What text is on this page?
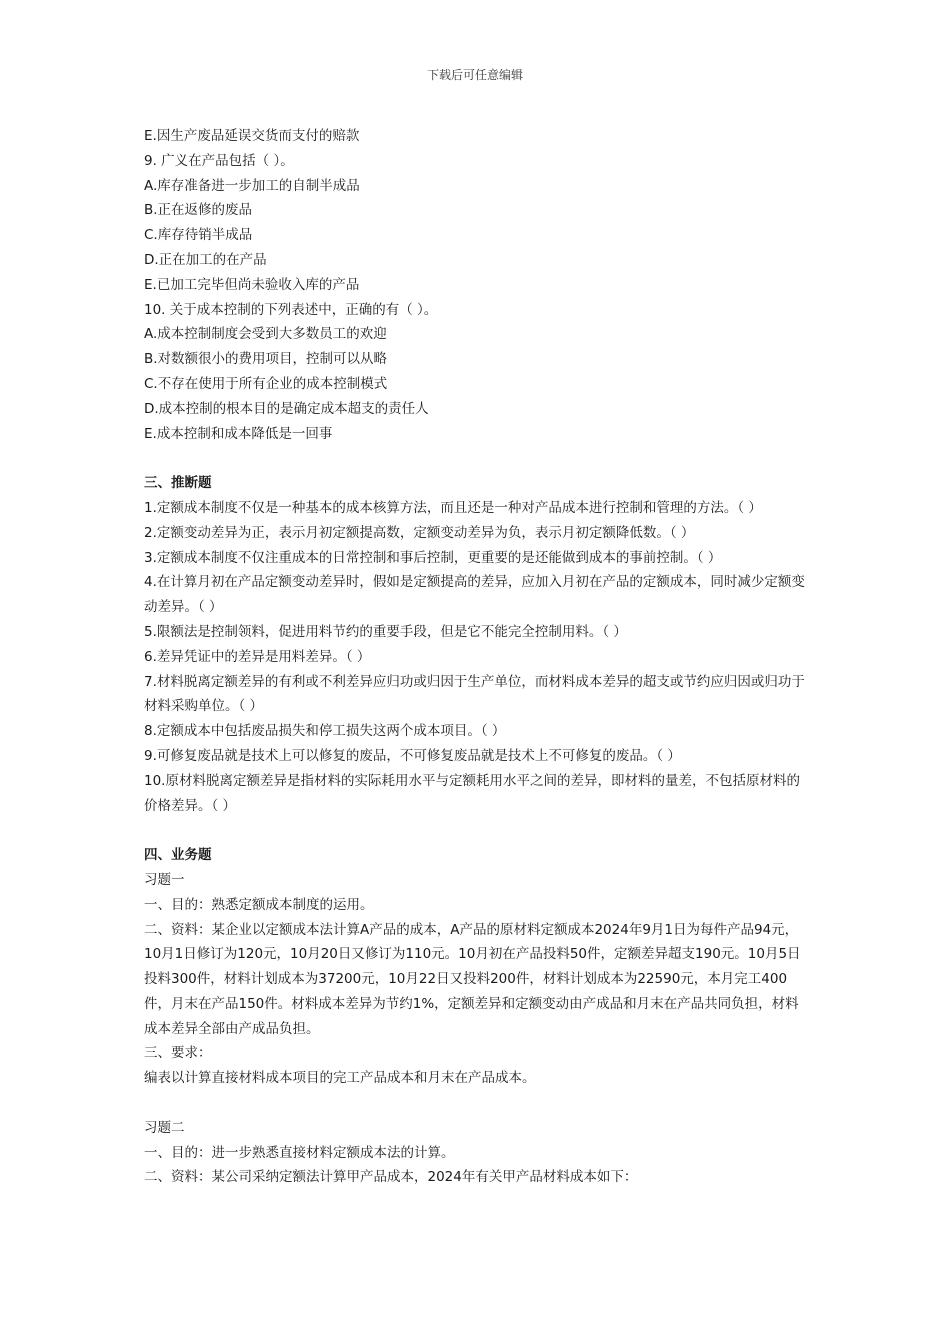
下载后可任意编辑

E.因生产废品延误交货而支付的赔款

9. 广义在产品包括（ ）。

A.库存准备进一步加工的自制半成品

B.正在返修的废品

C.库存待销半成品

D.正在加工的在产品

E.已加工完毕但尚未验收入库的产品

10. 关于成本控制的下列表述中，正确的有（ ）。

A.成本控制制度会受到大多数员工的欢迎

B.对数额很小的费用项目，控制可以从略

C.不存在使用于所有企业的成本控制模式

D.成本控制的根本目的是确定成本超支的责任人

E.成本控制和成本降低是一回事

三、推断题

1.定额成本制度不仅是一种基本的成本核算方法，而且还是一种对产品成本进行控制和管理的方法。（ ）

2.定额变动差异为正，表示月初定额提高数，定额变动差异为负，表示月初定额降低数。（ ）

3.定额成本制度不仅注重成本的日常控制和事后控制，更重要的是还能做到成本的事前控制。（ ）

4.在计算月初在产品定额变动差异时，假如是定额提高的差异，应加入月初在产品的定额成本，同时减少定额变动差异。（ ）

5.限额法是控制领料，促进用料节约的重要手段，但是它不能完全控制用料。（ ）

6.差异凭证中的差异是用料差异。（ ）

7.材料脱离定额差异的有利或不利差异应归功或归因于生产单位，而材料成本差异的超支或节约应归因或归功于材料采购单位。（ ）

8.定额成本中包括废品损失和停工损失这两个成本项目。（ ）

9.可修复废品就是技术上可以修复的废品，不可修复废品就是技术上不可修复的废品。（ ）

10.原材料脱离定额差异是指材料的实际耗用水平与定额耗用水平之间的差异，即材料的量差，不包括原材料的价格差异。（ ）

四、业务题

习题一

一、目的：熟悉定额成本制度的运用。

二、资料：某企业以定额成本法计算A产品的成本，A产品的原材料定额成本2024年9月1日为每件产品94元，10月1日修订为120元，10月20日又修订为110元。10月初在产品投料50件，定额差异超支190元。10月5日投料300件，材料计划成本为37200元，10月22日又投料200件，材料计划成本为22590元，本月完工400件，月末在产品150件。材料成本差异为节约1%，定额差异和定额变动由产成品和月末在产品共同负担，材料成本差异全部由产成品负担。

三、要求：

编表以计算直接材料成本项目的完工产品成本和月末在产品成本。

习题二

一、目的：进一步熟悉直接材料定额成本法的计算。

二、资料：某公司采纳定额法计算甲产品成本，2024年有关甲产品材料成本如下：
